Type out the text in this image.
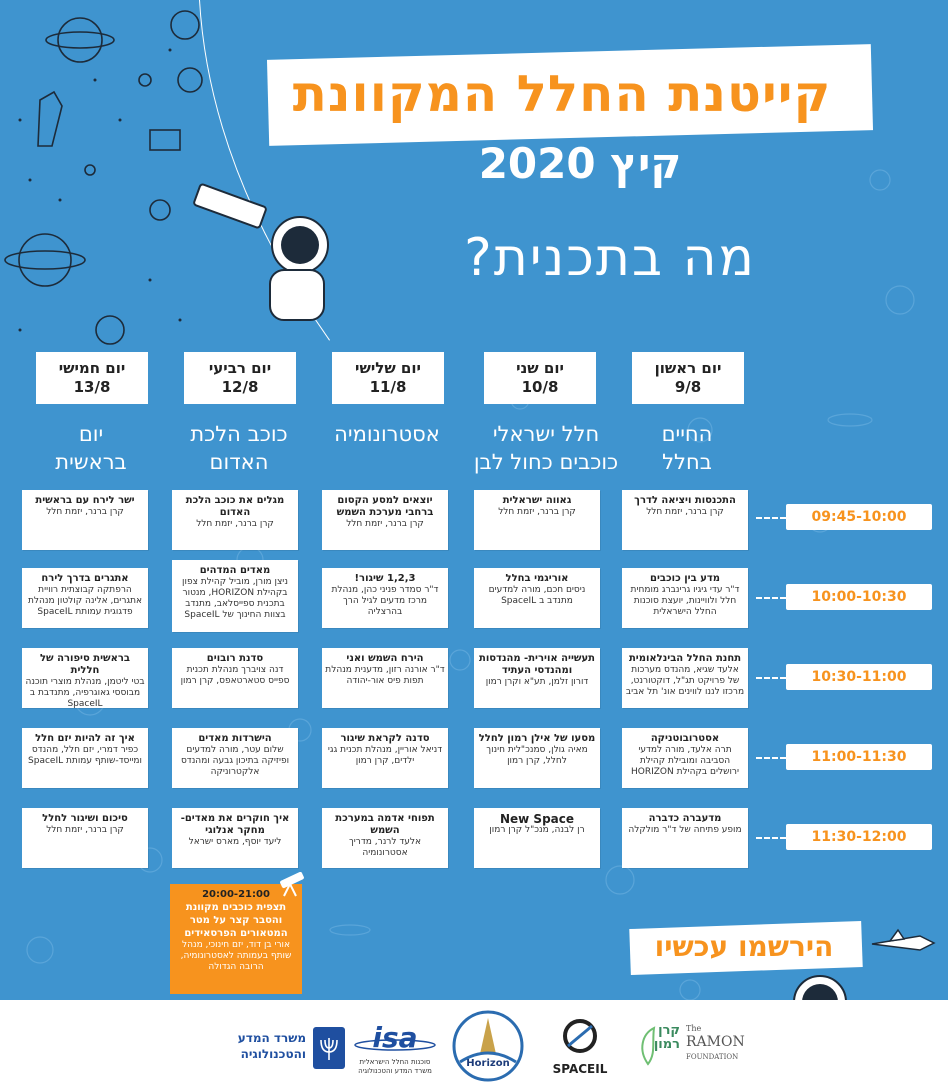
קייטנת החלל המקוונת
קיץ 2020
מה בתכנית?
יום ראשון
9/8
יום שני
10/8
יום שלישי
11/8
יום רביעי
12/8
יום חמישי
13/8
החיים
בחלל
חלל ישראלי
כוכבים כחול לבן
אסטרונומיה
כוכב הלכת
האדום
יום
בראשית
09:45-10:00
10:00-10:30
10:30-11:00
11:00-11:30
11:30-12:00
התכנסות ויציאה לדרך
קרן ברנר, יזמת חלל
מדע בין כוכבים
ד"ר עדי גיגיו גרינברג מומחית חלל ולוויינות, יועצת סוכנות החלל הישראלית
תחנת החלל הבינלאומית
אלעד שגיא, מהנדס מערכות של פרויקט תג"ל, דוקטורנט, מרכזו לננו לווינים אונ' תל אביב
אסטרובוטניקה
תרה אלעד, מורה למדעי הסביבה ומובילת קהילת ירושלים בקהילת HORIZON
מדעברה כדברה
מופע פתיחה של ד"ר מולקלה
גאווה ישראלית
קרן ברנר, יזמת חלל
אוריגמי בחלל
ניסים חכם, מורה למדעים מתנדב ב SpaceIL
תעשייה אוירית- מהנדסות ומהנדסי העתיד
דורון זלמן, תע"א וקרן רמון
מסעו של אילן רמון לחלל
מאיה גולן, סמנכ"לית חינוך לחלל, קרן רמון
New Space
רן לבנה, מנכ"ל קרן רמון
יוצאים למסע הקסום ברחבי מערכת השמש
קרן ברנר, יזמת חלל
1,2,3 שיגור!
ד"ר סמדר פניני כהן, מנהלת מרכז מדעים לגיל הרך בהרצליה
הירח השמש ואני
ד"ר אורנה רזון, מדענית מנהלת תפות פיס אור-יהודה
סדנה לקראת שיגור
דניאל אוריין, מנהלת תכנית גגי ילדים, קרן רמון
תפוחי אדמה במערכת השמש
אלעד לרנר, מדריך אסטרונומיה
מגלים את כוכב הלכת האדום
קרן ברנר, יזמת חלל
מאדים המדהים
ניצן מורן, מוביל קהילת צפון בקהילת HORIZON, מנטור בתכנית ספייסלאב, מתנדב בצוות החינוך של SpaceIL
סדנת רובוים
דנה צויברך מנהלת תכנית ספייס סטארטאפס, קרן רמון
הישרדות מאדים
שלום עטר, מורה למדעים ופיזיקה בתיכון גבעה ומהנדס אלקטרוניקה
איך חוקרים את מאדים- מחקר אנלוגי
ליעד יוסף, מארס ישראל
ישר לירח עם בראשית
קרן ברנר, יזמת חלל
אתגרים בדרך לירח
הרפתקה קבוצתית רוויית אתגרים, אלינה קולטון מנהלת פדגוגית עמותת SpaceIL
בראשית סיפורה של חללית
בטי ליטמן, מנהלת מוצרי תוכנה מבוססי גאוגרפיה, מתנדבת ב SpaceIL
איך זה להיות יזם חלל
כפיר דמרי, יזם חלל, מהנדס ומייסד-שותף עמותת SpaceIL
סיכום ושיגור לחלל
קרן ברנר, יזמת חלל
20:00-21:00
תצפית כוכבים מקוונת והסבר קצר על מטר המטאורים הפרסאידים
אורי בן דוד, יזם חינוכי, מנהל שותף בעמותה לאסטרונומיה, הרובה הגדולה
הירשמו עכשיו
קרן רמון
The
RAMON
FOUNDATION
SPACEIL
Horizon
isa
סוכנות החלל הישראלית
משרד המדע והטכנולוגיה
משרד המדע
והטכנולוגיה
